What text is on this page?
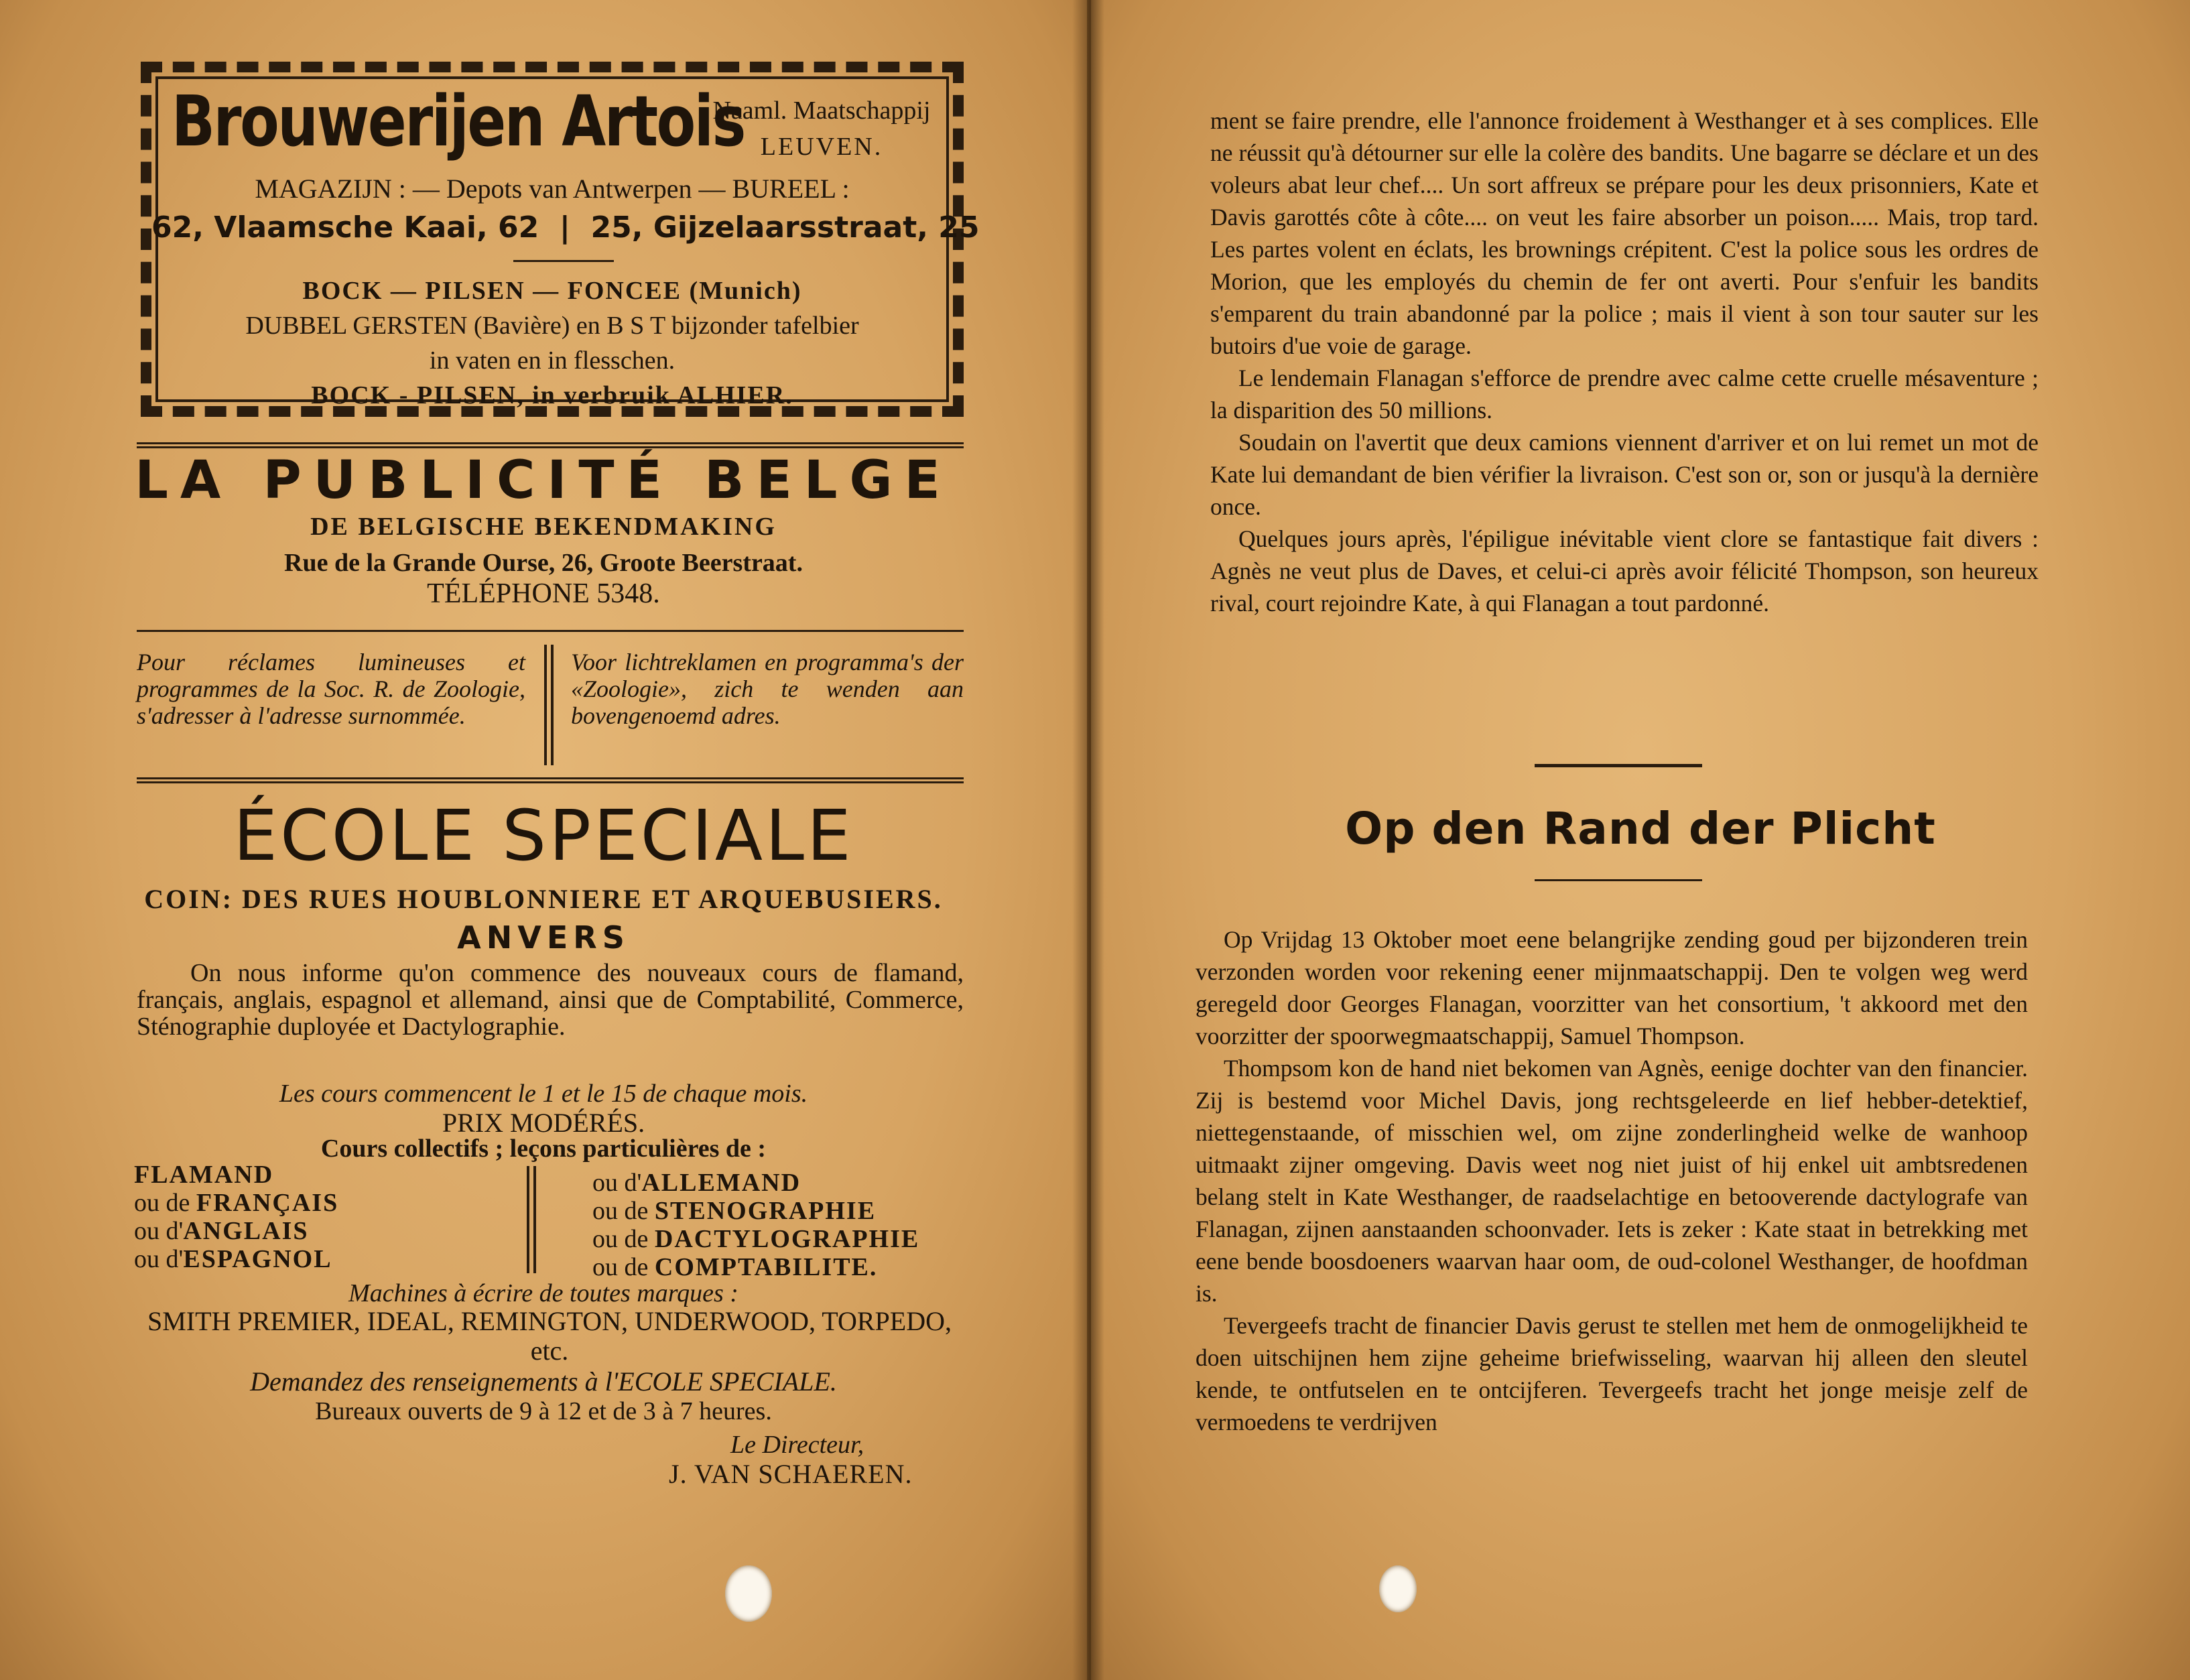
Brouwerijen Artois
Naaml. Maatschappij
LEUVEN.
MAGAZIJN : — Depots van Antwerpen — BUREEL :
62, Vlaamsche Kaai, 62  |  25, Gijzelaarsstraat, 25
BOCK — PILSEN — FONCEE (Munich)
DUBBEL GERSTEN (Bavière) en B S T bijzonder tafelbier
in vaten en in flesschen.
BOCK - PILSEN, in verbruik ALHIER.
LA PUBLICITÉ BELGE
DE BELGISCHE BEKENDMAKING
Rue de la Grande Ourse, 26, Groote Beerstraat.
TÉLÉPHONE 5348.
Pour réclames lumineuses et programmes de la Soc. R. de Zoologie, s'adresser à l'adresse surnommée.
Voor lichtreklamen en programma's der «Zoologie», zich te wenden aan bovengenoemd adres.
ÉCOLE SPECIALE
COIN: DES RUES HOUBLONNIERE ET ARQUEBUSIERS.
ANVERS
On nous informe qu'on commence des nouveaux cours de flamand, français, anglais, espagnol et allemand, ainsi que de Comptabilité, Commerce, Sténographie duployée et Dactylographie.
Les cours commencent le 1 et le 15 de chaque mois.
PRIX MODÉRÉS.
Cours collectifs ; leçons particulières de :
FLAMAND
ou de FRANÇAIS
ou d'ANGLAIS
ou d'ESPAGNOL
ou d'ALLEMAND
ou de STENOGRAPHIE
ou de DACTYLOGRAPHIE
ou de COMPTABILITE.
Machines à écrire de toutes marques :
SMITH PREMIER, IDEAL, REMINGTON, UNDERWOOD, TORPEDO, etc.
Demandez des renseignements à l'ECOLE SPECIALE.
Bureaux ouverts de 9 à 12 et de 3 à 7 heures.
Le Directeur,
J. VAN SCHAEREN.

ment se faire prendre, elle l'annonce froidement à Westhanger et à ses complices. Elle ne réussit qu'à détourner sur elle la colère des bandits. Une bagarre se déclare et un des voleurs abat leur chef.... Un sort affreux se prépare pour les deux prisonniers, Kate et Davis garottés côte à côte.... on veut les faire absorber un poison..... Mais, trop tard. Les partes volent en éclats, les brownings crépitent. C'est la police sous les ordres de Morion, que les employés du chemin de fer ont averti. Pour s'enfuir les bandits s'emparent du train abandonné par la police ; mais il vient à son tour sauter sur les butoirs d'ue voie de garage.

Le lendemain Flanagan s'efforce de prendre avec calme cette cruelle mésaventure ; la disparition des 50 millions.

Soudain on l'avertit que deux camions viennent d'arriver et on lui remet un mot de Kate lui demandant de bien vérifier la livraison. C'est son or, son or jusqu'à la dernière once.

Quelques jours après, l'épiligue inévitable vient clore se fantastique fait divers : Agnès ne veut plus de Daves, et celui-ci après avoir félicité Thompson, son heureux rival, court rejoindre Kate, à qui Flanagan a tout pardonné.

Op den Rand der Plicht

Op Vrijdag 13 Oktober moet eene belangrijke zending goud per bijzonderen trein verzonden worden voor rekening eener mijnmaatschappij. Den te volgen weg werd geregeld door Georges Flanagan, voorzitter van het consortium, 't akkoord met den voorzitter der spoorwegmaatschappij, Samuel Thompson.

Thompsom kon de hand niet bekomen van Agnès, eenige dochter van den financier. Zij is bestemd voor Michel Davis, jong rechtsgeleerde en lief hebber-detektief, niettegenstaande, of misschien wel, om zijne zonderlingheid welke de wanhoop uitmaakt zijner omgeving. Davis weet nog niet juist of hij enkel uit ambtsredenen belang stelt in Kate Westhanger, de raadselachtige en betooverende dactylografe van Flanagan, zijnen aanstaanden schoonvader. Iets is zeker : Kate staat in betrekking met eene bende boosdoeners waarvan haar oom, de oud-colonel Westhanger, de hoofdman is.

Tevergeefs tracht de financier Davis gerust te stellen met hem de onmogelijkheid te doen uitschijnen hem zijne geheime briefwisseling, waarvan hij alleen den sleutel kende, te ontfutselen en te ontcijferen. Tevergeefs tracht het jonge meisje zelf de vermoedens te verdrijven
